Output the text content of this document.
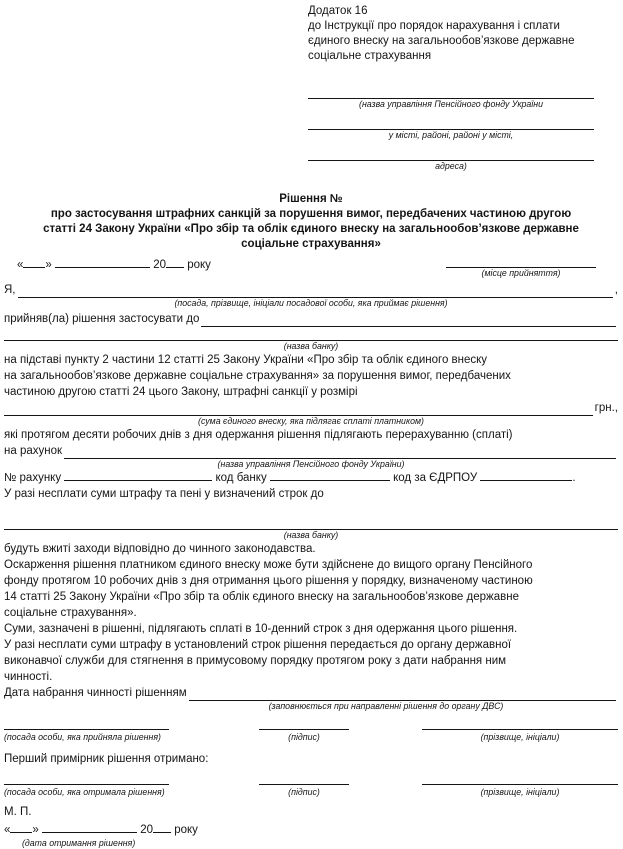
Додаток 16
до Інструкції про порядок нарахування і сплати
єдиного внеску на загальнообов’язкове державне
соціальне страхування
(назва управління Пенсійного фонду України
у місті, районі, районі у місті,
адреса)
Рішення №
про застосування штрафних санкцій за порушення вимог, передбачених частиною другою
статті 24 Закону України «Про збір та облік єдиного внеску на загальнообов’язкове державне
соціальне страхування»
« »	20 року
(місце прийняття)
Я,	,
(посада, прізвище, ініціали посадової особи, яка приймає рішення)
прийняв(ла) рішення застосувати до
(назва банку)
на підставі пункту 2 частини 12 статті 25 Закону України «Про збір та облік єдиного внеску
на загальнообов’язкове державне соціальне страхування» за порушення вимог, передбачених
частиною другою статті 24 цього Закону, штрафні санкції у розмірі
грн.,
(сума єдиного внеску, яка підлягає сплаті платником)
які протягом десяти робочих днів з дня одержання рішення підлягають перерахуванню (сплаті)
на рахунок
(назва управління Пенсійного фонду України)
№ рахунку	код банку	код за ЄДРПОУ	.
У разі несплати суми штрафу та пені у визначений строк до
(назва банку)
будуть вжиті заходи відповідно до чинного законодавства.
Оскарження рішення платником єдиного внеску може бути здійснене до вищого органу Пенсійного
фонду протягом 10 робочих днів з дня отримання цього рішення у порядку, визначеному частиною
14 статті 25 Закону України «Про збір та облік єдиного внеску на загальнообов’язкове державне
соціальне страхування».
Суми, зазначені в рішенні, підлягають сплаті в 10-денний строк з дня одержання цього рішення.
У разі несплати суми штрафу в установлений строк рішення передається до органу державної
виконавчої служби для стягнення в примусовому порядку протягом року з дати набрання ним
чинності.
Дата набрання чинності рішенням
(заповнюється при направленні рішення до органу ДВС)
(посада особи, яка прийняла рішення)	(підпис)	(прізвище, ініціали)
Перший примірник рішення отримано:
(посада особи, яка отримала рішення)	(підпис)	(прізвище, ініціали)
М. П.
« »	20 року
(дата отримання рішення)
